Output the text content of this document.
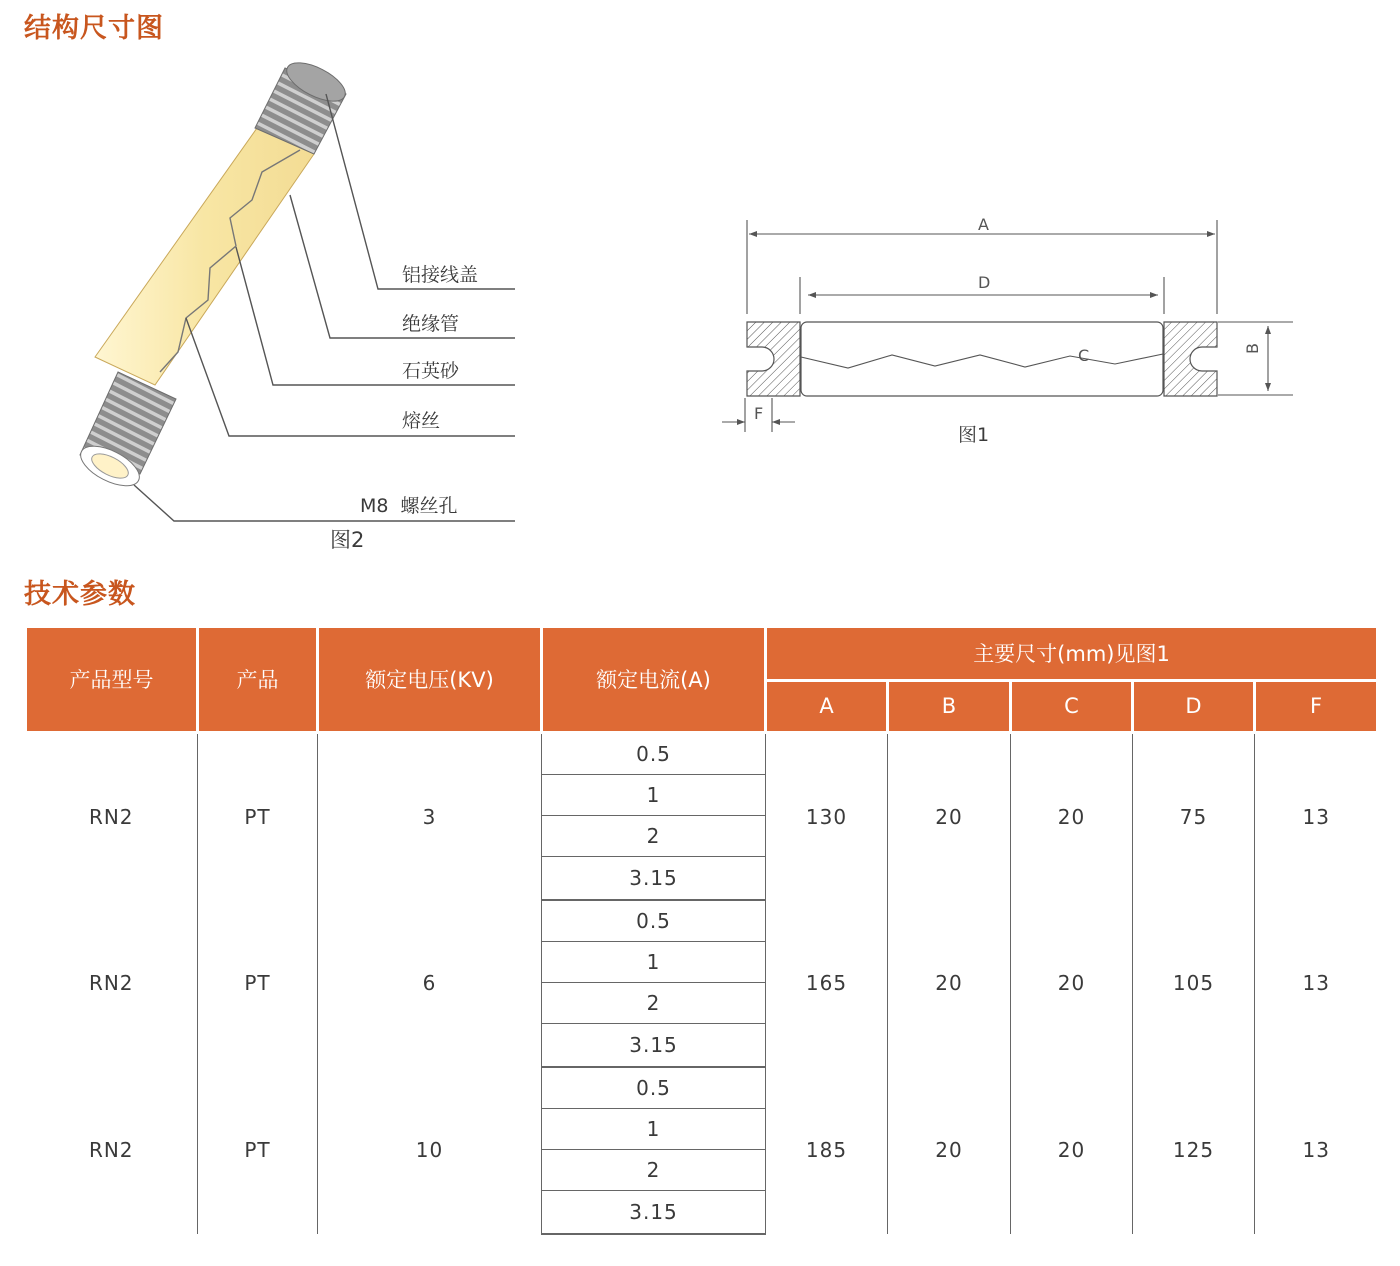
结构尺寸图
铝接线盖
绝缘管
石英砂
熔丝
M8  螺丝孔
图2
A
D
C	B
F
图1
技术参数
产品型号	产品	额定电压(KV)	额定电流(A)	主要尺寸(mm)见图1				
				A	B	C	D	F
RN2	PT	3	0.5	130	20	20	75	13
			1					
			2					
			3.15					
RN2	PT	6	0.5	165	20	20	105	13
			1					
			2					
			3.15					
RN2	PT	10	0.5	185	20	20	125	13
			1					
			2					
			3.15					
